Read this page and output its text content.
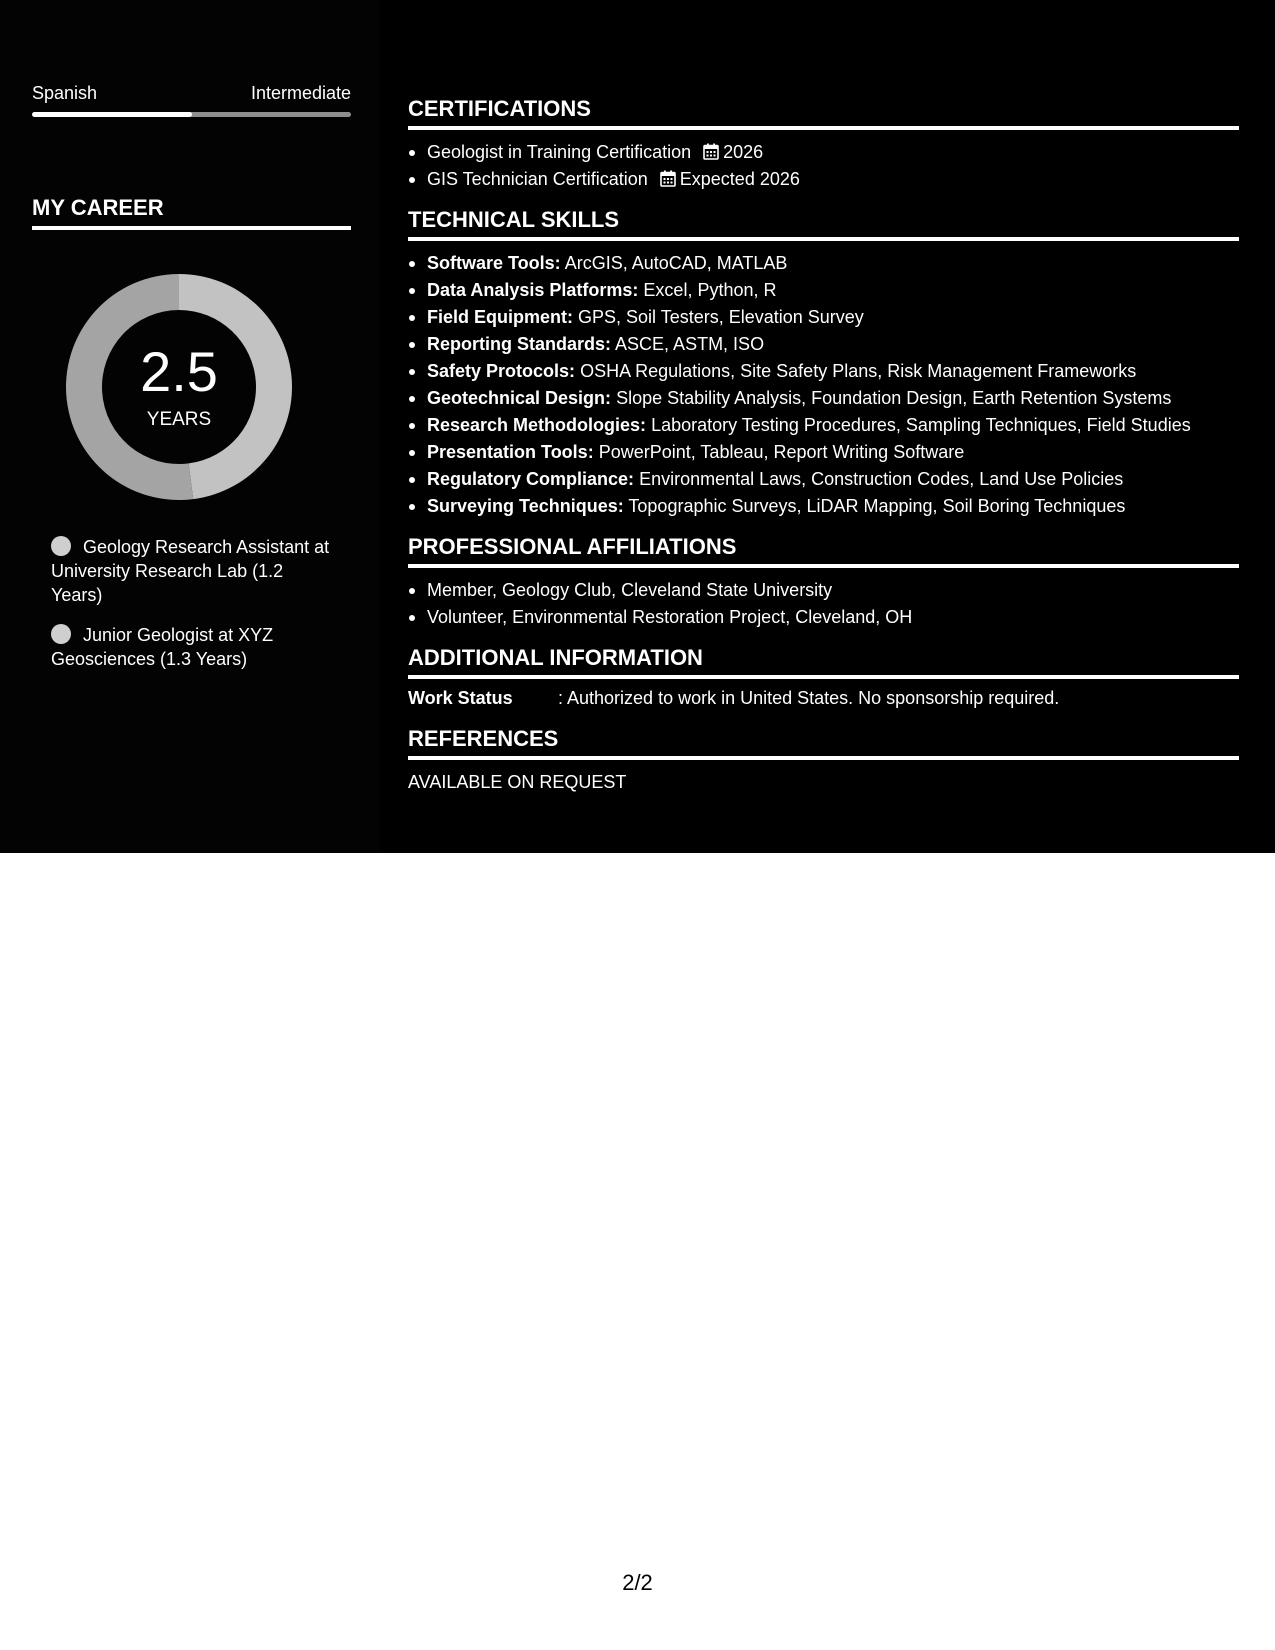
Spanish	Intermediate
MY CAREER
2.5
YEARS
Geology Research Assistant at University Research Lab (1.2 Years)
Junior Geologist at XYZ Geosciences (1.3 Years)
CERTIFICATIONS
Geologist in Training Certification 2026
GIS Technician Certification Expected 2026
TECHNICAL SKILLS
Software Tools: ArcGIS, AutoCAD, MATLAB
Data Analysis Platforms: Excel, Python, R
Field Equipment: GPS, Soil Testers, Elevation Survey
Reporting Standards: ASCE, ASTM, ISO
Safety Protocols: OSHA Regulations, Site Safety Plans, Risk Management Frameworks
Geotechnical Design: Slope Stability Analysis, Foundation Design, Earth Retention Systems
Research Methodologies: Laboratory Testing Procedures, Sampling Techniques, Field Studies
Presentation Tools: PowerPoint, Tableau, Report Writing Software
Regulatory Compliance: Environmental Laws, Construction Codes, Land Use Policies
Surveying Techniques: Topographic Surveys, LiDAR Mapping, Soil Boring Techniques
PROFESSIONAL AFFILIATIONS
Member, Geology Club, Cleveland State University
Volunteer, Environmental Restoration Project, Cleveland, OH
ADDITIONAL INFORMATION
Work Status	: Authorized to work in United States. No sponsorship required.
REFERENCES
AVAILABLE ON REQUEST
2/2
